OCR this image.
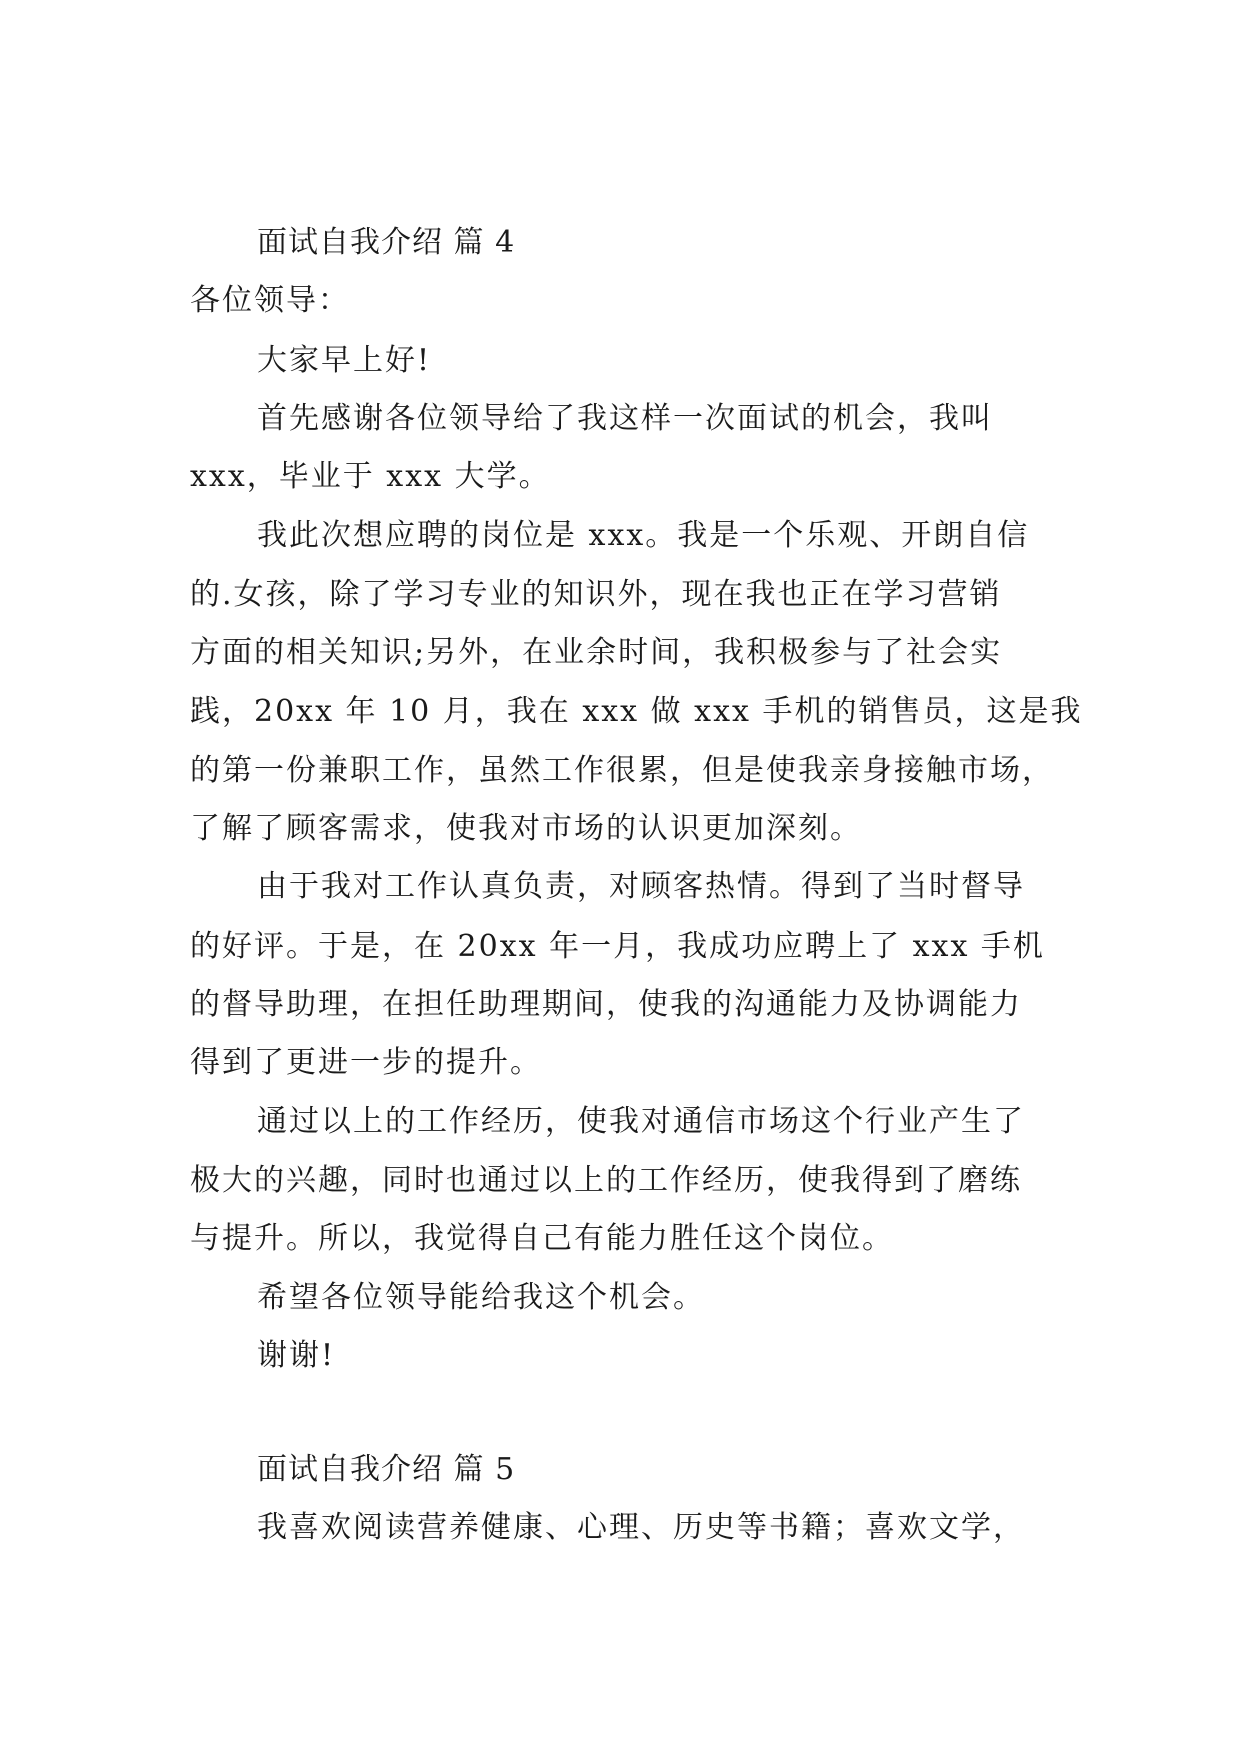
面试自我介绍 篇 4
各位领导：
大家早上好!
首先感谢各位领导给了我这样一次面试的机会，我叫
xxx，毕业于 xxx 大学。
我此次想应聘的岗位是 xxx。我是一个乐观、开朗自信
的.女孩，除了学习专业的知识外，现在我也正在学习营销
方面的相关知识;另外，在业余时间，我积极参与了社会实
践，20xx 年 10 月，我在 xxx 做 xxx 手机的销售员，这是我
的第一份兼职工作，虽然工作很累，但是使我亲身接触市场，
了解了顾客需求，使我对市场的认识更加深刻。
由于我对工作认真负责，对顾客热情。得到了当时督导
的好评。于是，在 20xx 年一月，我成功应聘上了 xxx 手机
的督导助理，在担任助理期间，使我的沟通能力及协调能力
得到了更进一步的提升。
通过以上的工作经历，使我对通信市场这个行业产生了
极大的兴趣，同时也通过以上的工作经历，使我得到了磨练
与提升。所以，我觉得自己有能力胜任这个岗位。
希望各位领导能给我这个机会。
谢谢!
面试自我介绍 篇 5
我喜欢阅读营养健康、心理、历史等书籍；喜欢文学，
